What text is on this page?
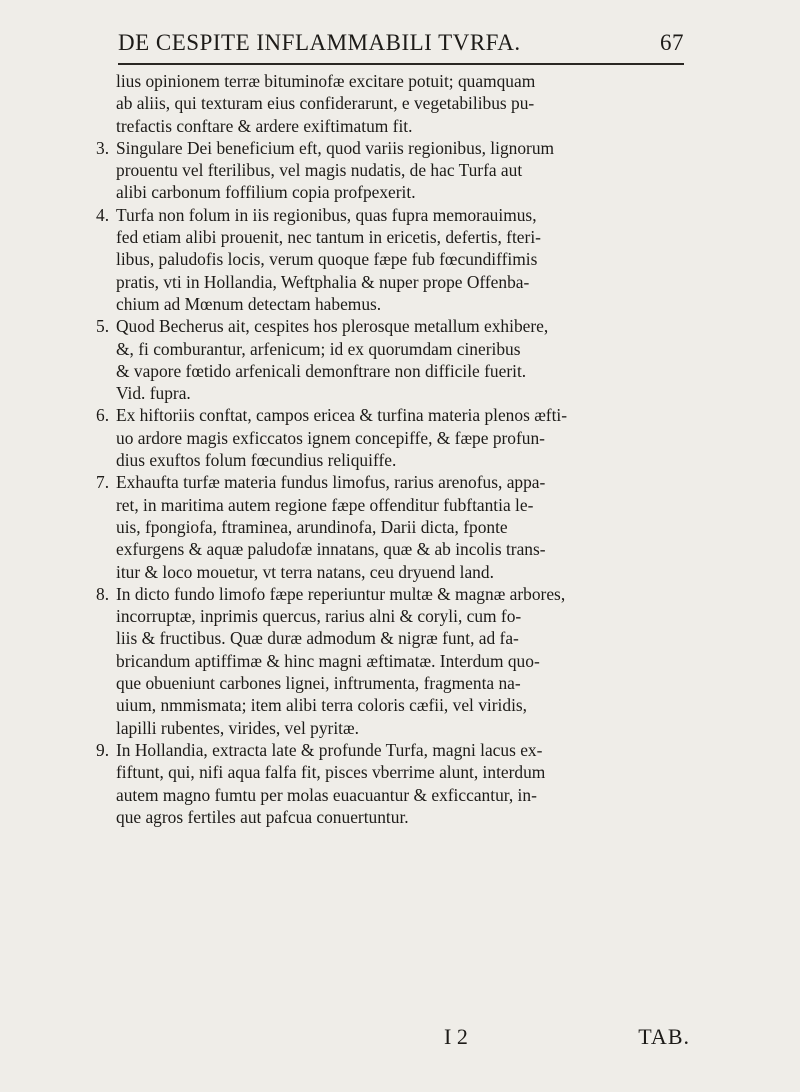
DE CESPITE INFLAMMABILI TVRFA.	67
lius opinionem terræ bituminofæ excitare potuit; quamquam
ab aliis, qui texturam eius confiderarunt, e vegetabilibus pu-
trefactis conftare & ardere exiftimatum fit.
3. Singulare Dei beneficium eft, quod variis regionibus, lignorum
prouentu vel fterilibus, vel magis nudatis, de hac Turfa aut
alibi carbonum foffilium copia profpexerit.
4. Turfa non folum in iis regionibus, quas fupra memorauimus,
fed etiam alibi prouenit, nec tantum in ericetis, defertis, fteri-
libus, paludofis locis, verum quoque fæpe fub fœcundiffimis
pratis, vti in Hollandia, Weftphalia & nuper prope Offenba-
chium ad Mœnum detectam habemus.
5. Quod Becherus ait, cespites hos plerosque metallum exhibere,
&, fi comburantur, arfenicum; id ex quorumdam cineribus
& vapore fœtido arfenicali demonftrare non difficile fuerit.
Vid. fupra.
6. Ex hiftoriis conftat, campos ericea & turfina materia plenos æfti-
uo ardore magis exficcatos ignem concepiffe, & fæpe profun-
dius exuftos folum fœcundius reliquiffe.
7. Exhaufta turfæ materia fundus limofus, rarius arenofus, appa-
ret, in maritima autem regione fæpe offenditur fubftantia le-
uis, fpongiofa, ftraminea, arundinofa, Darii dicta, fponte
exfurgens & aquæ paludofæ innatans, quæ & ab incolis trans-
itur & loco mouetur, vt terra natans, ceu dryuend land.
8. In dicto fundo limofo fæpe reperiuntur multæ & magnæ arbores,
incorruptæ, inprimis quercus, rarius alni & coryli, cum fo-
liis & fructibus. Quæ duræ admodum & nigræ funt, ad fa-
bricandum aptiffimæ & hinc magni æftimatæ. Interdum quo-
que obueniunt carbones lignei, inftrumenta, fragmenta na-
uium, nmmismata; item alibi terra coloris cæfii, vel viridis,
lapilli rubentes, virides, vel pyritæ.
9. In Hollandia, extracta late & profunde Turfa, magni lacus ex-
fiftunt, qui, nifi aqua falfa fit, pisces vberrime alunt, interdum
autem magno fumtu per molas euacuantur & exficcantur, in-
que agros fertiles aut pafcua conuertuntur.
I 2	TAB.
